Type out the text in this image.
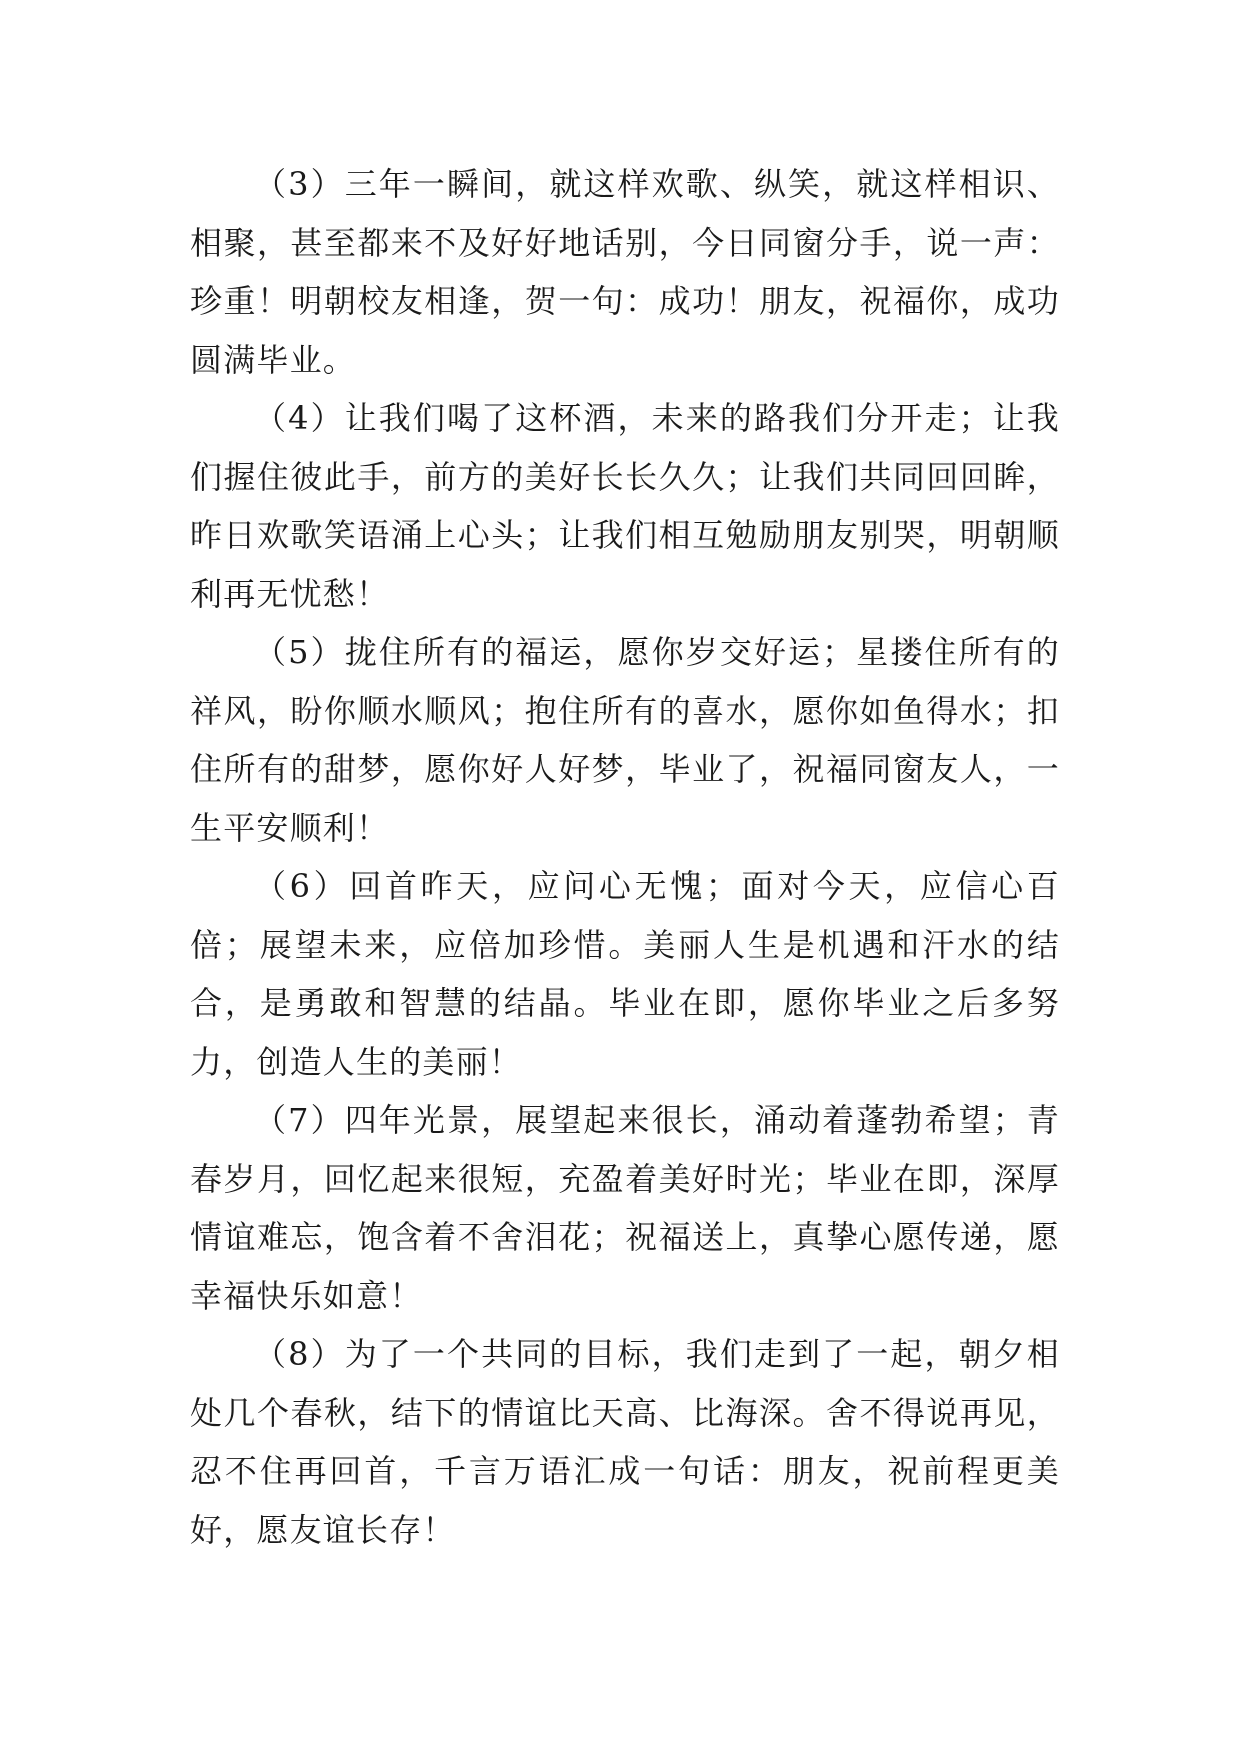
（3）三年一瞬间，就这样欢歌、纵笑，就这样相识、相聚，甚至都来不及好好地话别，今日同窗分手，说一声：珍重！明朝校友相逢，贺一句：成功！朋友，祝福你，成功圆满毕业。

（4）让我们喝了这杯酒，未来的路我们分开走；让我们握住彼此手，前方的美好长长久久；让我们共同回回眸，昨日欢歌笑语涌上心头；让我们相互勉励朋友别哭，明朝顺利再无忧愁！

（5）拢住所有的福运，愿你岁交好运；星搂住所有的祥风，盼你顺水顺风；抱住所有的喜水，愿你如鱼得水；扣住所有的甜梦，愿你好人好梦，毕业了，祝福同窗友人，一生平安顺利！

（6）回首昨天，应问心无愧；面对今天，应信心百倍；展望未来，应倍加珍惜。美丽人生是机遇和汗水的结合，是勇敢和智慧的结晶。毕业在即，愿你毕业之后多努力，创造人生的美丽！

（7）四年光景，展望起来很长，涌动着蓬勃希望；青春岁月，回忆起来很短，充盈着美好时光；毕业在即，深厚情谊难忘，饱含着不舍泪花；祝福送上，真挚心愿传递，愿幸福快乐如意！

（8）为了一个共同的目标，我们走到了一起，朝夕相处几个春秋，结下的情谊比天高、比海深。舍不得说再见，忍不住再回首，千言万语汇成一句话：朋友，祝前程更美好，愿友谊长存！
